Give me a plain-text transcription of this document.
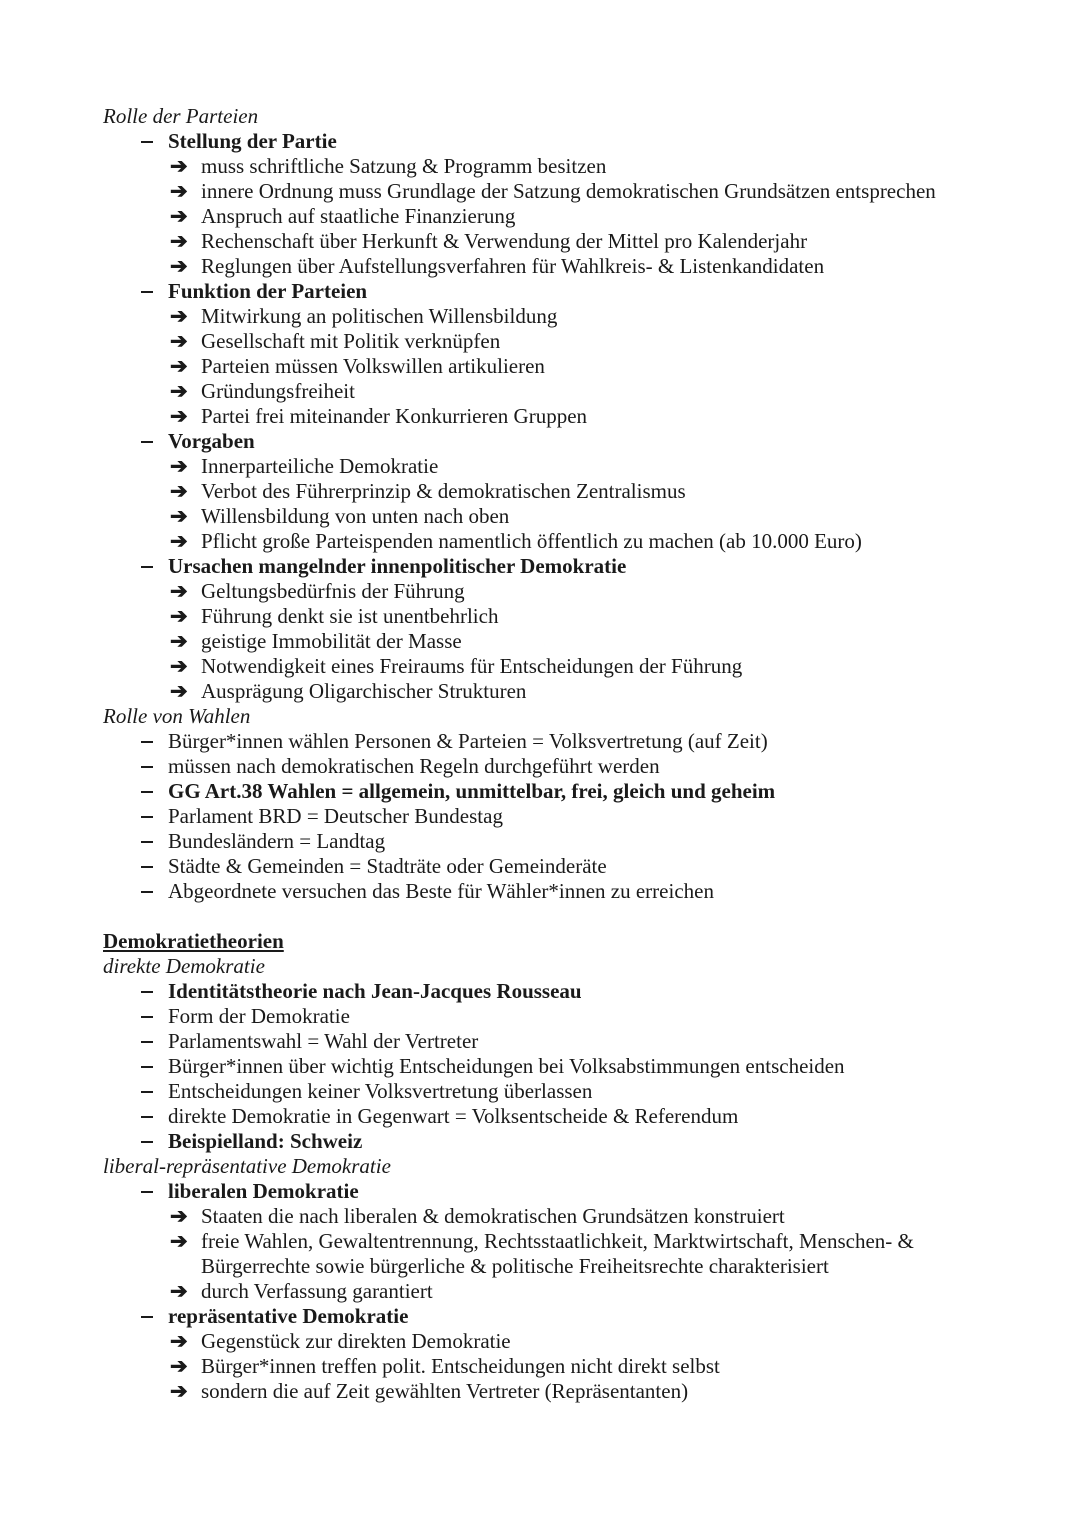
Rolle der Parteien
Stellung der Partie
➔ muss schriftliche Satzung & Programm besitzen
➔ innere Ordnung muss Grundlage der Satzung demokratischen Grundsätzen entsprechen
➔ Anspruch auf staatliche Finanzierung
➔ Rechenschaft über Herkunft & Verwendung der Mittel pro Kalenderjahr
➔ Reglungen über Aufstellungsverfahren für Wahlkreis- & Listenkandidaten
Funktion der Parteien
➔ Mitwirkung an politischen Willensbildung
➔ Gesellschaft mit Politik verknüpfen
➔ Parteien müssen Volkswillen artikulieren
➔ Gründungsfreiheit
➔ Partei frei miteinander Konkurrieren Gruppen
Vorgaben
➔ Innerparteiliche Demokratie
➔ Verbot des Führerprinzip & demokratischen Zentralismus
➔ Willensbildung von unten nach oben
➔ Pflicht große Parteispenden namentlich öffentlich zu machen (ab 10.000 Euro)
Ursachen mangelnder innenpolitischer Demokratie
➔ Geltungsbedürfnis der Führung
➔ Führung denkt sie ist unentbehrlich
➔ geistige Immobilität der Masse
➔ Notwendigkeit eines Freiraums für Entscheidungen der Führung
➔ Ausprägung Oligarchischer Strukturen
Rolle von Wahlen
Bürger*innen wählen Personen & Parteien = Volksvertretung (auf Zeit)
müssen nach demokratischen Regeln durchgeführt werden
GG Art.38 Wahlen = allgemein, unmittelbar, frei, gleich und geheim
Parlament BRD = Deutscher Bundestag
Bundesländern = Landtag
Städte & Gemeinden = Stadträte oder Gemeinderäte
Abgeordnete versuchen das Beste für Wähler*innen zu erreichen
Demokratietheorien
direkte Demokratie
Identitätstheorie nach Jean-Jacques Rousseau
Form der Demokratie
Parlamentswahl = Wahl der Vertreter
Bürger*innen über wichtig Entscheidungen bei Volksabstimmungen entscheiden
Entscheidungen keiner Volksvertretung überlassen
direkte Demokratie in Gegenwart = Volksentscheide & Referendum
Beispielland: Schweiz
liberal-repräsentative Demokratie
liberalen Demokratie
➔ Staaten die nach liberalen & demokratischen Grundsätzen konstruiert
➔ freie Wahlen, Gewaltentrennung, Rechtsstaatlichkeit, Marktwirtschaft, Menschen- &
Bürgerrechte sowie bürgerliche & politische Freiheitsrechte charakterisiert
➔ durch Verfassung garantiert
repräsentative Demokratie
➔ Gegenstück zur direkten Demokratie
➔ Bürger*innen treffen polit. Entscheidungen nicht direkt selbst
➔ sondern die auf Zeit gewählten Vertreter (Repräsentanten)
